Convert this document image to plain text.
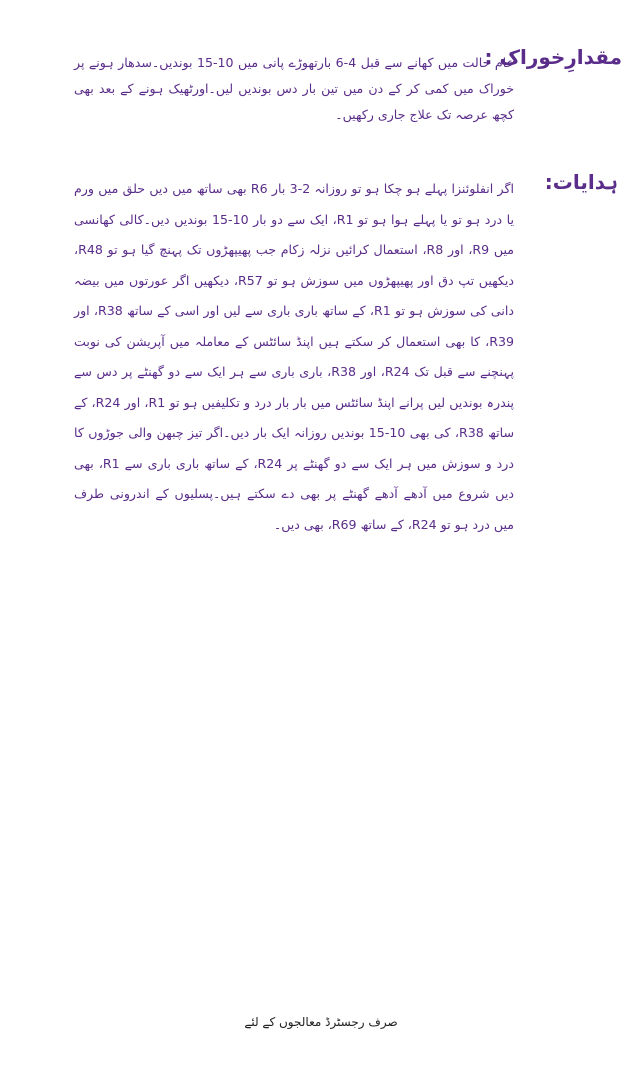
مقدارِخوراک :

عام حالت میں کھانے سے قبل 4-6 بارتھوڑے پانی میں 10-15 بوندیں۔سدھار ہونے پر خوراک میں کمی کر کے دن میں تین بار دس بوندیں لیں۔اورٹھیک ہونے کے بعد بھی کچھ عرصہ تک علاج جاری رکھیں۔

ہدایات:

اگر انفلوئنزا پہلے ہو چکا ہو تو روزانہ 2-3 بار R6 بھی ساتھ میں دیں حلق میں ورم یا درد ہو تو یا پہلے ہوا ہو تو R1، ایک سے دو بار 10-15 بوندیں دیں۔کالی کھانسی میں R9، اور R8، استعمال کرائیں نزلہ زکام جب پھیپھڑوں تک پہنچ گیا ہو تو R48، دیکھیں تپ دق اور پھیپھڑوں میں سوزش ہو تو R57، دیکھیں اگر عورتوں میں بیضہ دانی کی سوزش ہو تو R1، کے ساتھ باری باری سے لیں اور اسی کے ساتھ R38، اور R39، کا بھی استعمال کر سکتے ہیں اپنڈ سائٹس کے معاملہ میں آپریشن کی نوبت پہنچنے سے قبل تک R24، اور R38، باری باری سے ہر ایک سے دو گھنٹے پر دس سے پندرہ بوندیں لیں پرانے اپنڈ سائٹس میں بار بار درد و تکلیفیں ہو تو R1، اور R24، کے ساتھ R38، کی بھی 10-15 بوندیں روزانہ ایک بار دیں۔اگر تیز چبھن والی جوڑوں کا درد و سوزش میں ہر ایک سے دو گھنٹے پر R24، کے ساتھ باری باری سے R1، بھی دیں شروع میں آدھے آدھے گھنٹے پر بھی دے سکتے ہیں۔پسلیوں کے اندرونی طرف میں درد ہو تو R24، کے ساتھ R69، بھی دیں۔

صرف رجسٹرڈ معالجوں کے لئے
